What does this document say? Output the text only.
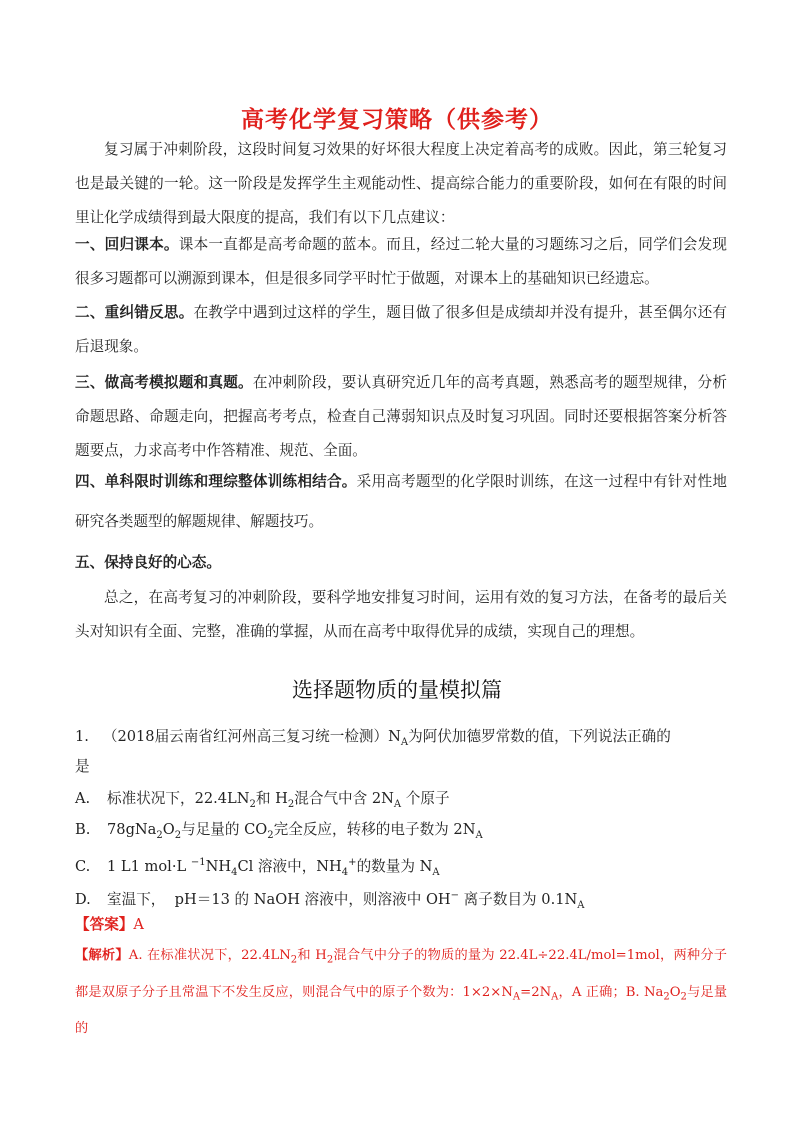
高考化学复习策略（供参考）
复习属于冲刺阶段，这段时间复习效果的好坏很大程度上决定着高考的成败。因此，第三轮复习也是最关键的一轮。这一阶段是发挥学生主观能动性、提高综合能力的重要阶段，如何在有限的时间里让化学成绩得到最大限度的提高，我们有以下几点建议：
一、回归课本。课本一直都是高考命题的蓝本。而且，经过二轮大量的习题练习之后，同学们会发现很多习题都可以溯源到课本，但是很多同学平时忙于做题，对课本上的基础知识已经遗忘。
二、重纠错反思。在教学中遇到过这样的学生，题目做了很多但是成绩却并没有提升，甚至偶尔还有后退现象。
三、做高考模拟题和真题。在冲刺阶段，要认真研究近几年的高考真题，熟悉高考的题型规律，分析命题思路、命题走向，把握高考考点，检查自己薄弱知识点及时复习巩固。同时还要根据答案分析答题要点，力求高考中作答精准、规范、全面。
四、单科限时训练和理综整体训练相结合。采用高考题型的化学限时训练，在这一过程中有针对性地研究各类题型的解题规律、解题技巧。
五、保持良好的心态。
总之，在高考复习的冲刺阶段，要科学地安排复习时间，运用有效的复习方法，在备考的最后关头对知识有全面、完整，准确的掌握，从而在高考中取得优异的成绩，实现自己的理想。
选择题物质的量模拟篇
1. （2018届云南省红河州高三复习统一检测）$N_A$为阿伏加德罗常数的值，下列说法正确的
是
A. 标准状况下，$22.4LN_2$和 $H_2$混合气中含 $2N_A$ 个原子
B. $78gNa_2O_2$与足量的 $CO_2$完全反应，转移的电子数为 $2N_A$
C. 1 L1 mol·L $^{-1}NH_4Cl$ 溶液中，$NH_4^+$的数量为 $N_A$
D. 室温下，  pH＝13 的 NaOH 溶液中，则溶液中 OH− 离子数目为 $0.1N_A$
【答案】A
【解析】A. 在标准状况下，$22.4LN_2$和 $H_2$混合气中分子的物质的量为 22.4L÷22.4L/mol=1mol，两种分子都是双原子分子且常温下不发生反应，则混合气中的原子个数为：$1\times 2\times N_A=2N_A$，A 正确；B. $Na_2O_2$与足量的
